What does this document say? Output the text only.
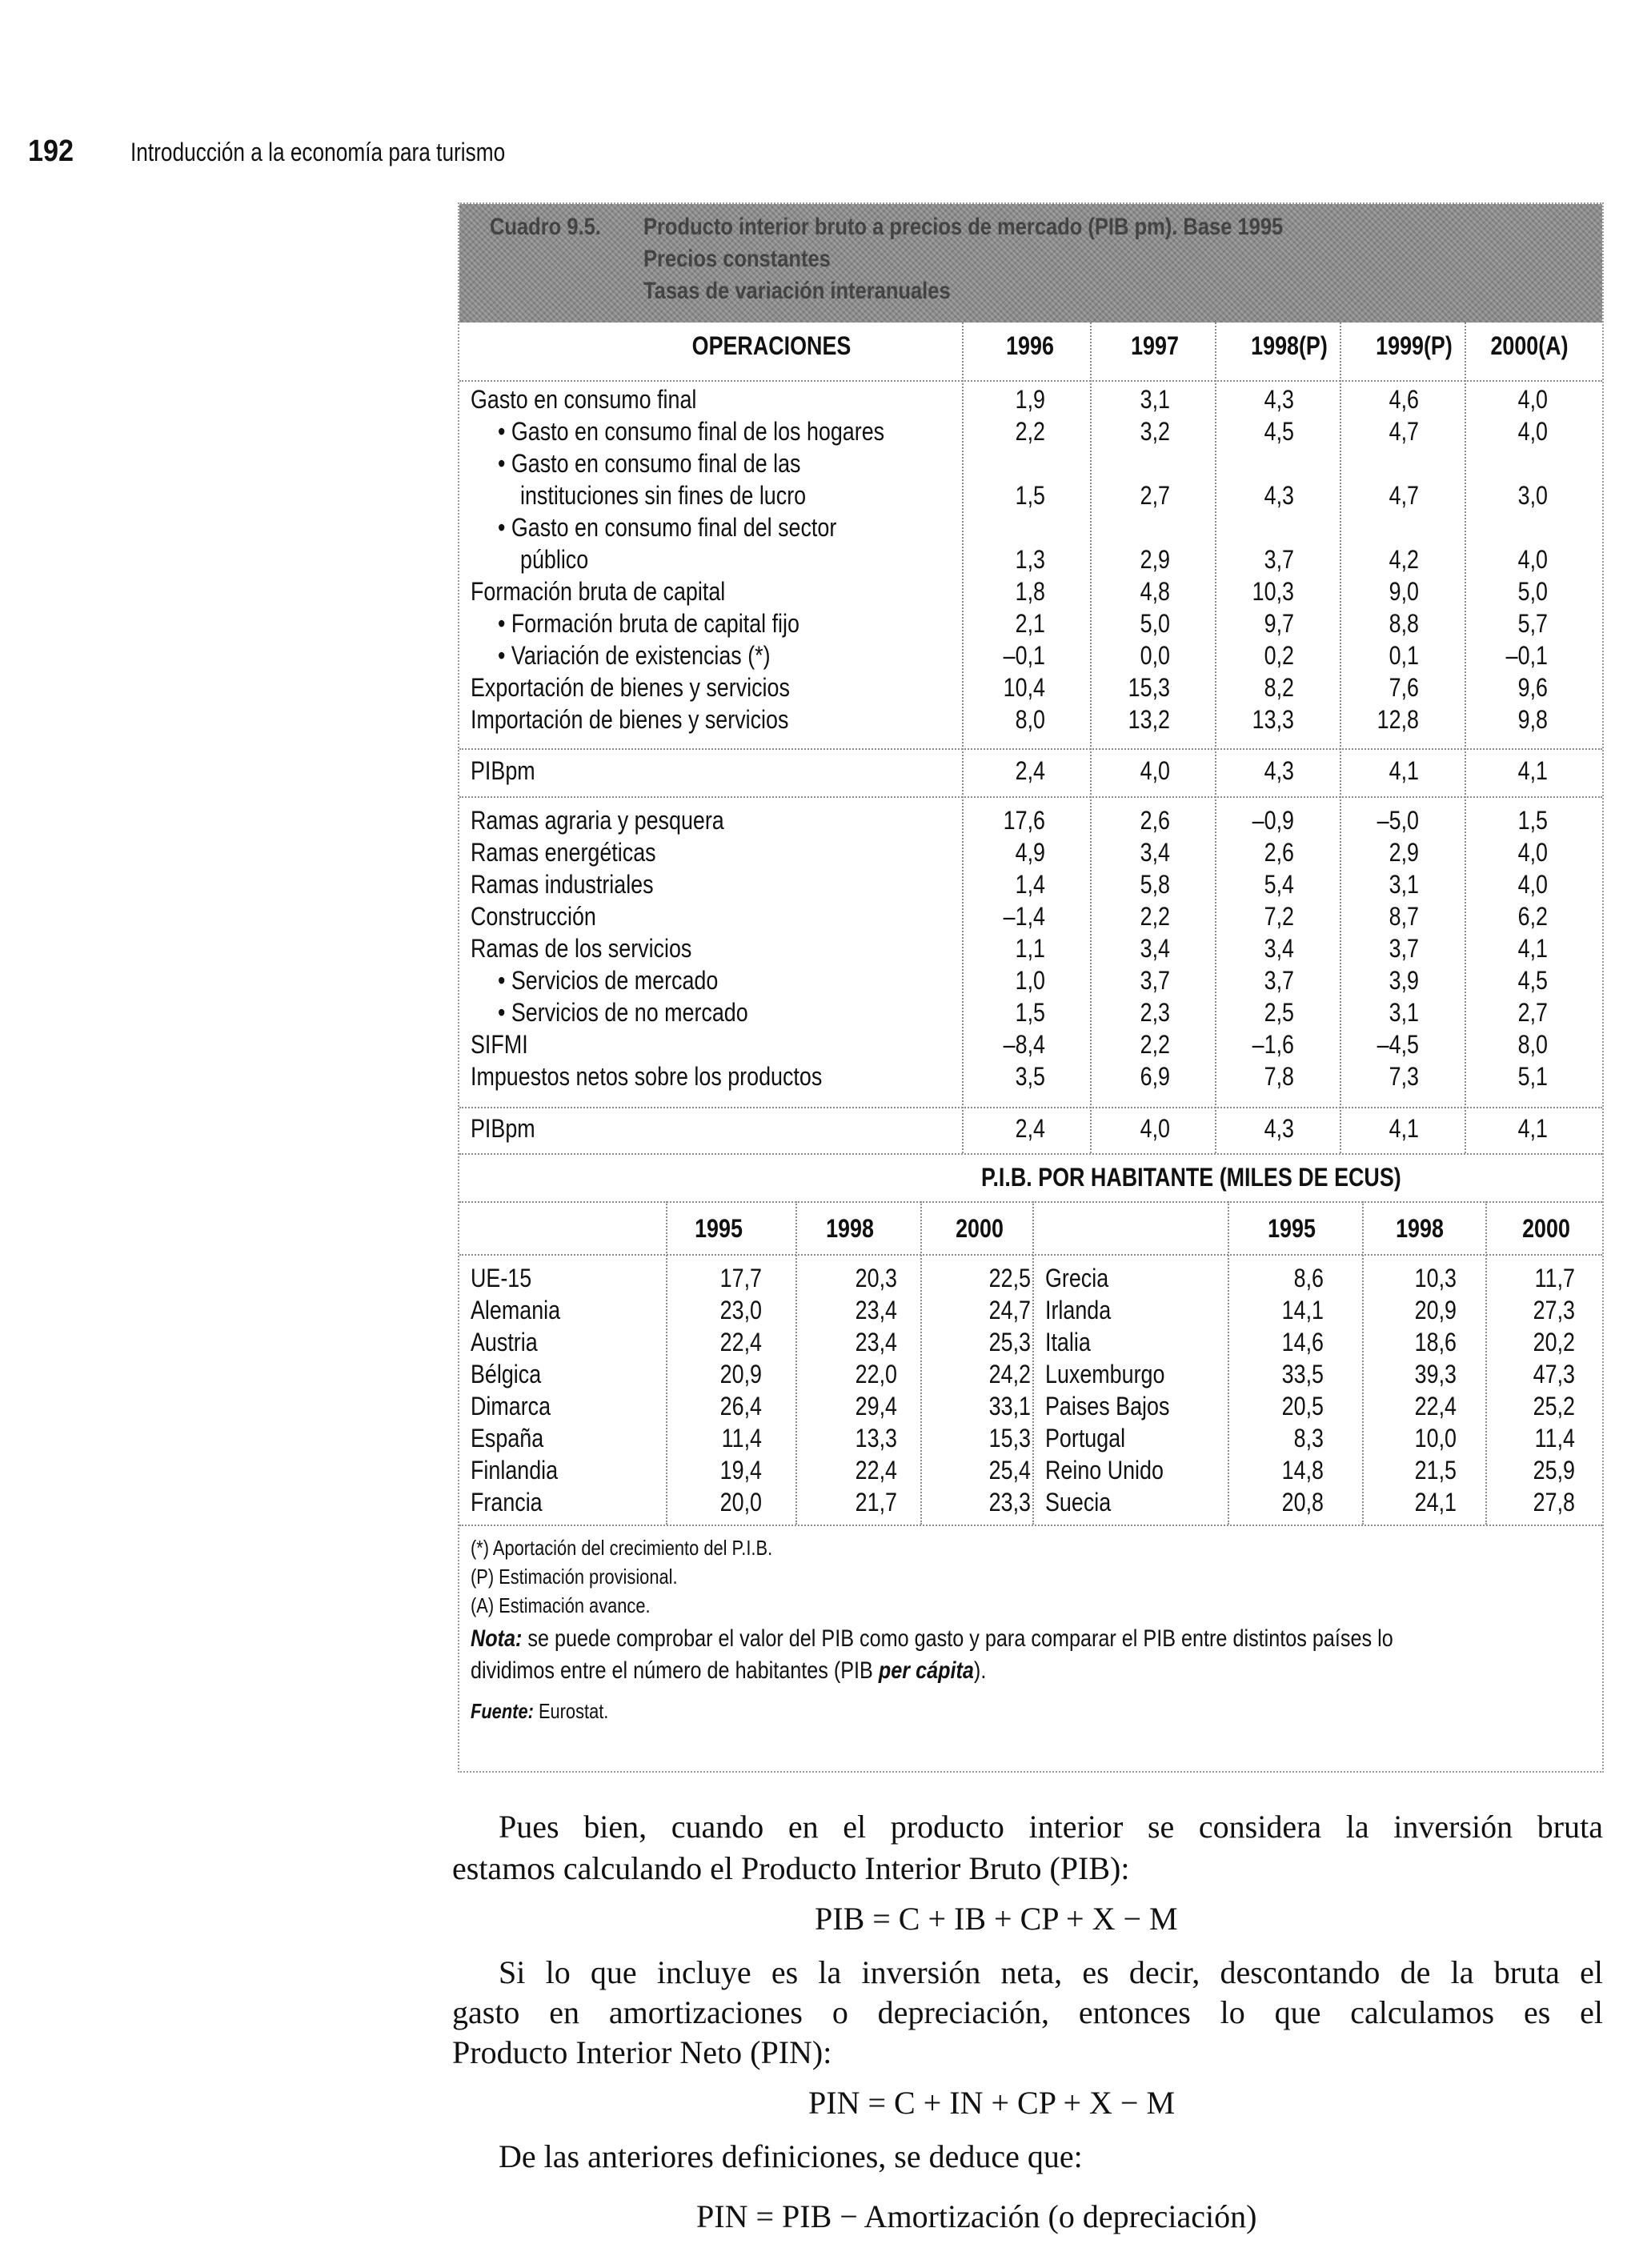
192 Introducción a la economía para turismo
Cuadro 9.5. Producto interior bruto a precios de mercado (PIB pm). Base 1995
Precios constantes
Tasas de variación interanuales
OPERACIONES	1996	1997	1998(P)	1999(P)	2000(A)
Gasto en consumo final	1,9	3,1	4,3	4,6	4,0
• Gasto en consumo final de los hogares	2,2	3,2	4,5	4,7	4,0
• Gasto en consumo final de las
instituciones sin fines de lucro	1,5	2,7	4,3	4,7	3,0
• Gasto en consumo final del sector
público	1,3	2,9	3,7	4,2	4,0
Formación bruta de capital	1,8	4,8	10,3	9,0	5,0
• Formación bruta de capital fijo	2,1	5,0	9,7	8,8	5,7
• Variación de existencias (*)	–0,1	0,0	0,2	0,1	–0,1
Exportación de bienes y servicios	10,4	15,3	8,2	7,6	9,6
Importación de bienes y servicios	8,0	13,2	13,3	12,8	9,8
PIBpm	2,4	4,0	4,3	4,1	4,1
Ramas agraria y pesquera	17,6	2,6	–0,9	–5,0	1,5
Ramas energéticas	4,9	3,4	2,6	2,9	4,0
Ramas industriales	1,4	5,8	5,4	3,1	4,0
Construcción	–1,4	2,2	7,2	8,7	6,2
Ramas de los servicios	1,1	3,4	3,4	3,7	4,1
• Servicios de mercado	1,0	3,7	3,7	3,9	4,5
• Servicios de no mercado	1,5	2,3	2,5	3,1	2,7
SIFMI	–8,4	2,2	–1,6	–4,5	8,0
Impuestos netos sobre los productos	3,5	6,9	7,8	7,3	5,1
PIBpm	2,4	4,0	4,3	4,1	4,1
P.I.B. POR HABITANTE (MILES DE ECUS)
1995	1998	2000	1995	1998	2000
UE-15	17,7	20,3	22,5 Grecia	8,6	10,3	11,7
Alemania	23,0	23,4	24,7 Irlanda	14,1	20,9	27,3
Austria	22,4	23,4	25,3 Italia	14,6	18,6	20,2
Bélgica	20,9	22,0	24,2 Luxemburgo	33,5	39,3	47,3
Dimarca	26,4	29,4	33,1 Paises Bajos	20,5	22,4	25,2
España	11,4	13,3	15,3 Portugal	8,3	10,0	11,4
Finlandia	19,4	22,4	25,4 Reino Unido	14,8	21,5	25,9
Francia	20,0	21,7	23,3 Suecia	20,8	24,1	27,8
(*) Aportación del crecimiento del P.I.B.
(P) Estimación provisional.
(A) Estimación avance.
Nota: se puede comprobar el valor del PIB como gasto y para comparar el PIB entre distintos países lo
dividimos entre el número de habitantes (PIB per cápita).
Fuente: Eurostat.
Pues bien, cuando en el producto interior se considera la inversión bruta
estamos calculando el Producto Interior Bruto (PIB):
PIB = C + IB + CP + X − M
Si lo que incluye es la inversión neta, es decir, descontando de la bruta el
gasto en amortizaciones o depreciación, entonces lo que calculamos es el
Producto Interior Neto (PIN):
PIN = C + IN + CP + X − M
De las anteriores definiciones, se deduce que:
PIN = PIB − Amortización (o depreciación)
